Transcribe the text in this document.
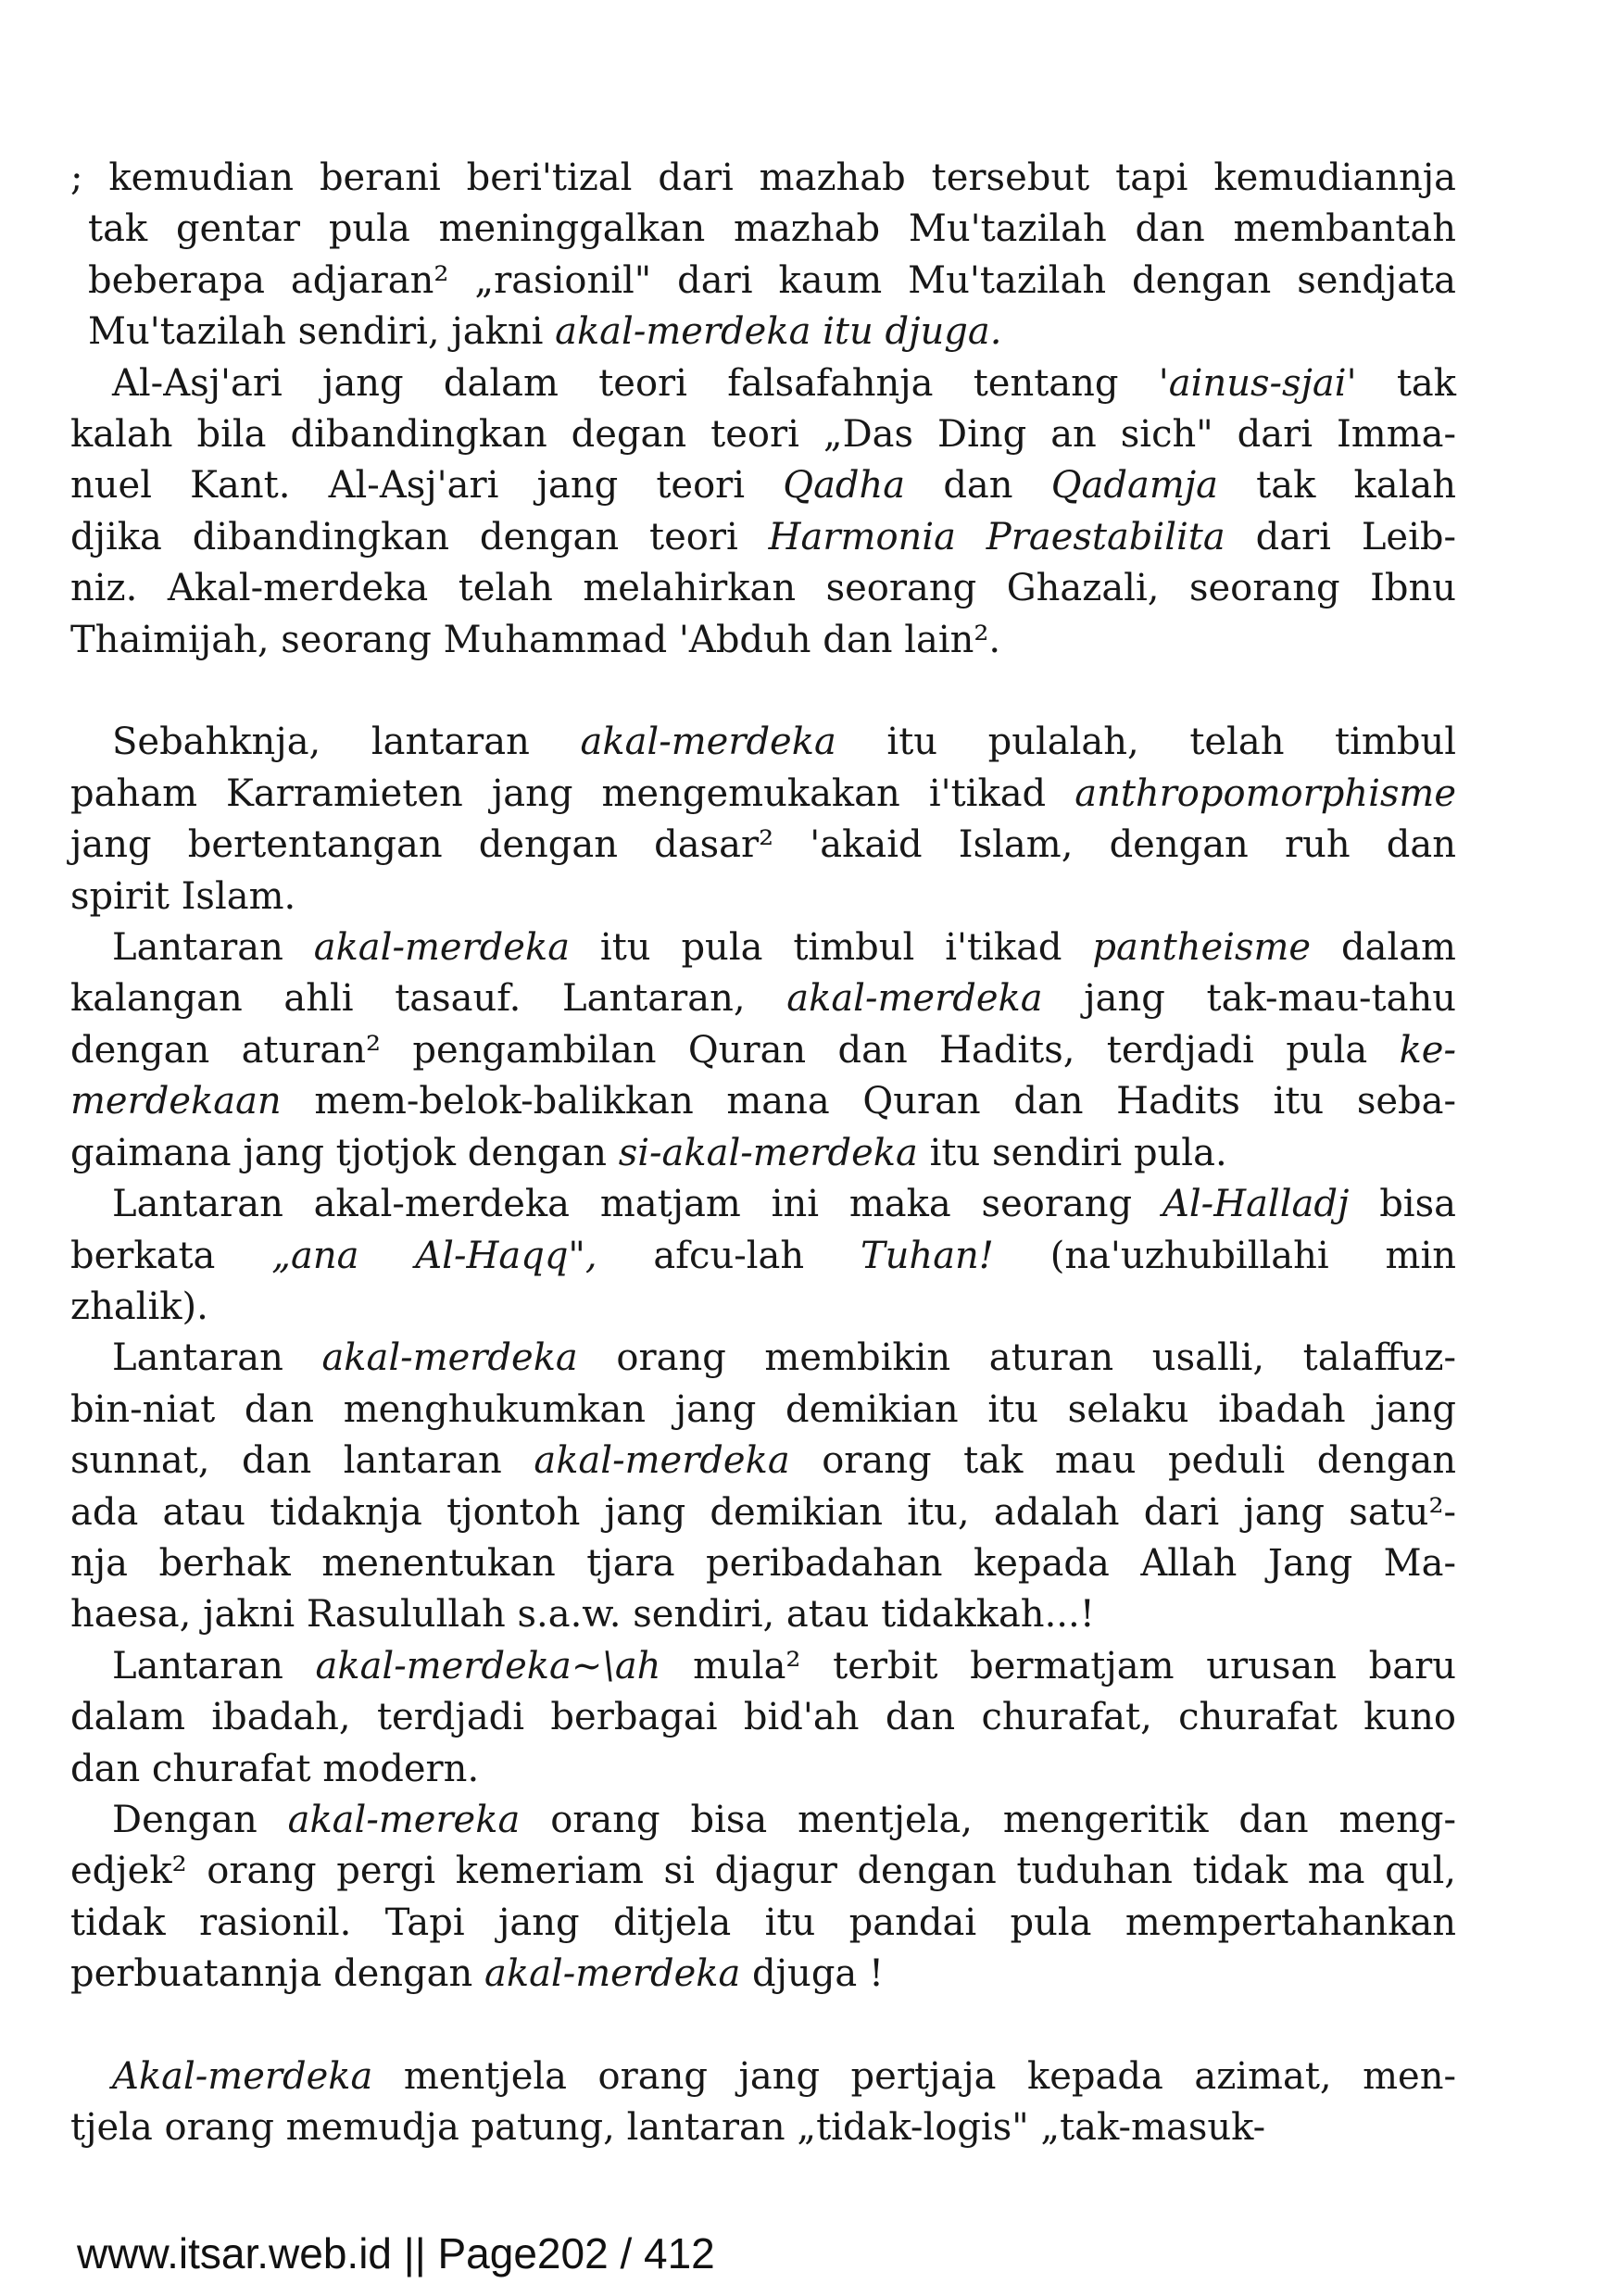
; kemudian berani beri'tizal dari mazhab tersebut tapi kemudiannja
tak gentar pula meninggalkan mazhab Mu'tazilah dan membantah
beberapa adjaran² „rasionil" dari kaum Mu'tazilah dengan sendjata
Mu'tazilah sendiri, jakni akal-merdeka itu djuga.
Al-Asj'ari jang dalam teori falsafahnja tentang 'ainus-sjai' tak
kalah bila dibandingkan degan teori „Das Ding an sich" dari Imma-
nuel Kant. Al-Asj'ari jang teori Qadha dan Qadamja tak kalah
djika dibandingkan dengan teori Harmonia Praestabilita dari Leib-
niz. Akal-merdeka telah melahirkan seorang Ghazali, seorang Ibnu
Thaimijah, seorang Muhammad 'Abduh dan lain².
Sebahknja, lantaran akal-merdeka itu pulalah, telah timbul
paham Karramieten jang mengemukakan i'tikad anthropomorphisme
jang bertentangan dengan dasar² 'akaid Islam, dengan ruh dan
spirit Islam.
Lantaran akal-merdeka itu pula timbul i'tikad pantheisme dalam
kalangan ahli tasauf. Lantaran, akal-merdeka jang tak-mau-tahu
dengan aturan² pengambilan Quran dan Hadits, terdjadi pula ke-
merdekaan mem-belok-balikkan mana Quran dan Hadits itu seba-
gaimana jang tjotjok dengan si-akal-merdeka itu sendiri pula.
Lantaran akal-merdeka matjam ini maka seorang Al-Halladj bisa
berkata „ana Al-Haqq", afcu-lah Tuhan! (na'uzhubillahi min
zhalik).
Lantaran akal-merdeka orang membikin aturan usalli, talaffuz-
bin-niat dan menghukumkan jang demikian itu selaku ibadah jang
sunnat, dan lantaran akal-merdeka orang tak mau peduli dengan
ada atau tidaknja tjontoh jang demikian itu, adalah dari jang satu²-
nja berhak menentukan tjara peribadahan kepada Allah Jang Ma-
haesa, jakni Rasulullah s.a.w. sendiri, atau tidakkah...!
Lantaran akal-merdeka~\ah mula² terbit bermatjam urusan baru
dalam ibadah, terdjadi berbagai bid'ah dan churafat, churafat kuno
dan churafat modern.
Dengan akal-mereka orang bisa mentjela, mengeritik dan meng-
edjek² orang pergi kemeriam si djagur dengan tuduhan tidak ma qul,
tidak rasionil. Tapi jang ditjela itu pandai pula mempertahankan
perbuatannja dengan akal-merdeka djuga !
Akal-merdeka mentjela orang jang pertjaja kepada azimat, men-
tjela orang memudja patung, lantaran „tidak-logis" „tak-masuk-
www.itsar.web.id || Page202 / 412
